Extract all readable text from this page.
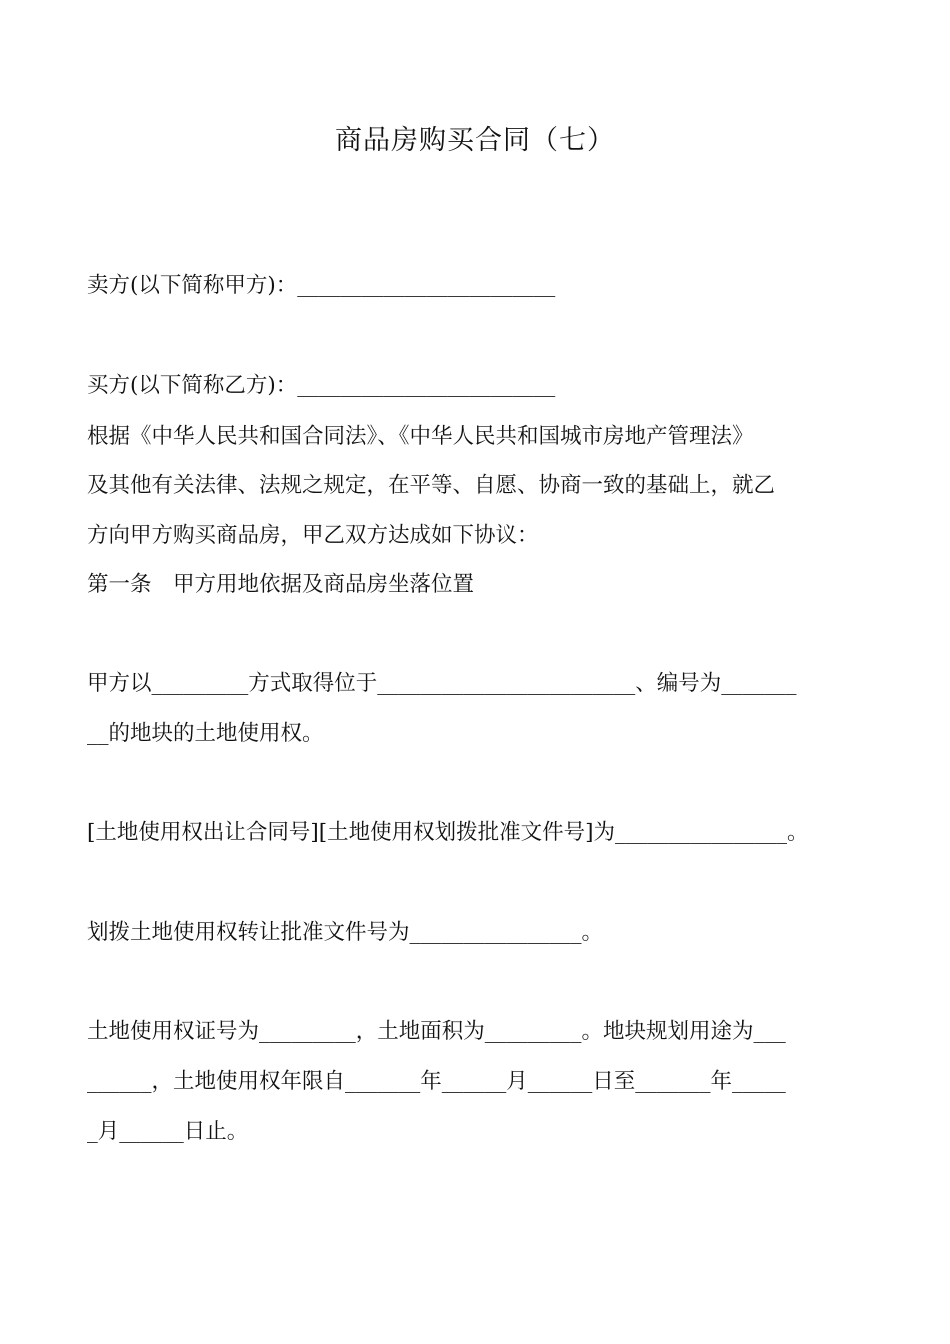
商品房购买合同（七）

卖方(以下简称甲方)：________________________

买方(以下简称乙方)：________________________

根据《中华人民共和国合同法》、《中华人民共和国城市房地产管理法》

及其他有关法律、法规之规定，在平等、自愿、协商一致的基础上，就乙

方向甲方购买商品房，甲乙双方达成如下协议：

第一条　甲方用地依据及商品房坐落位置

甲方以_________方式取得位于________________________、编号为_______

__的地块的土地使用权。

[土地使用权出让合同号][土地使用权划拨批准文件号]为________________。

划拨土地使用权转让批准文件号为________________。

土地使用权证号为_________，土地面积为_________。地块规划用途为___

______，土地使用权年限自_______年______月______日至_______年_____

_月______日止。
